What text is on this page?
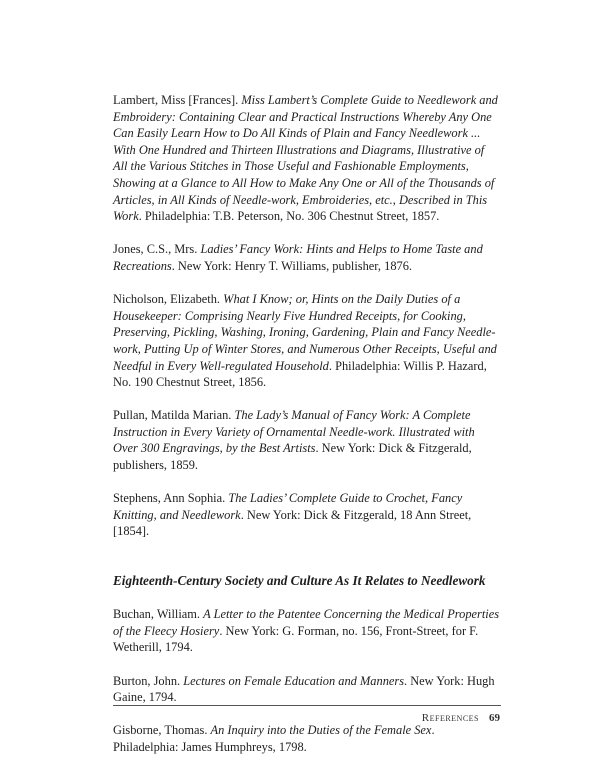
Lambert, Miss [Frances]. Miss Lambert’s Complete Guide to Needlework and Embroidery: Containing Clear and Practical Instructions Whereby Any One Can Easily Learn How to Do All Kinds of Plain and Fancy Needlework ... With One Hundred and Thirteen Illustrations and Diagrams, Illustrative of All the Various Stitches in Those Useful and Fashionable Employments, Showing at a Glance to All How to Make Any One or All of the Thousands of Articles, in All Kinds of Needle-work, Embroideries, etc., Described in This Work. Philadelphia: T.B. Peterson, No. 306 Chestnut Street, 1857.

Jones, C.S., Mrs. Ladies’ Fancy Work: Hints and Helps to Home Taste and Recreations. New York: Henry T. Williams, publisher, 1876.

Nicholson, Elizabeth. What I Know; or, Hints on the Daily Duties of a Housekeeper: Comprising Nearly Five Hundred Receipts, for Cooking, Preserving, Pickling, Washing, Ironing, Gardening, Plain and Fancy Needle-work, Putting Up of Winter Stores, and Numerous Other Receipts, Useful and Needful in Every Well-regulated Household. Philadelphia: Willis P. Hazard, No. 190 Chestnut Street, 1856.

Pullan, Matilda Marian. The Lady’s Manual of Fancy Work: A Complete Instruction in Every Variety of Ornamental Needle-work. Illustrated with Over 300 Engravings, by the Best Artists. New York: Dick & Fitzgerald, publishers, 1859.

Stephens, Ann Sophia. The Ladies’ Complete Guide to Crochet, Fancy Knitting, and Needlework. New York: Dick & Fitzgerald, 18 Ann Street, [1854].

Eighteenth-Century Society and Culture As It Relates to Needlework

Buchan, William. A Letter to the Patentee Concerning the Medical Properties of the Fleecy Hosiery. New York: G. Forman, no. 156, Front-Street, for F. Wetherill, 1794.

Burton, John. Lectures on Female Education and Manners. New York: Hugh Gaine, 1794.

Gisborne, Thomas. An Inquiry into the Duties of the Female Sex. Philadelphia: James Humphreys, 1798.

References 69
